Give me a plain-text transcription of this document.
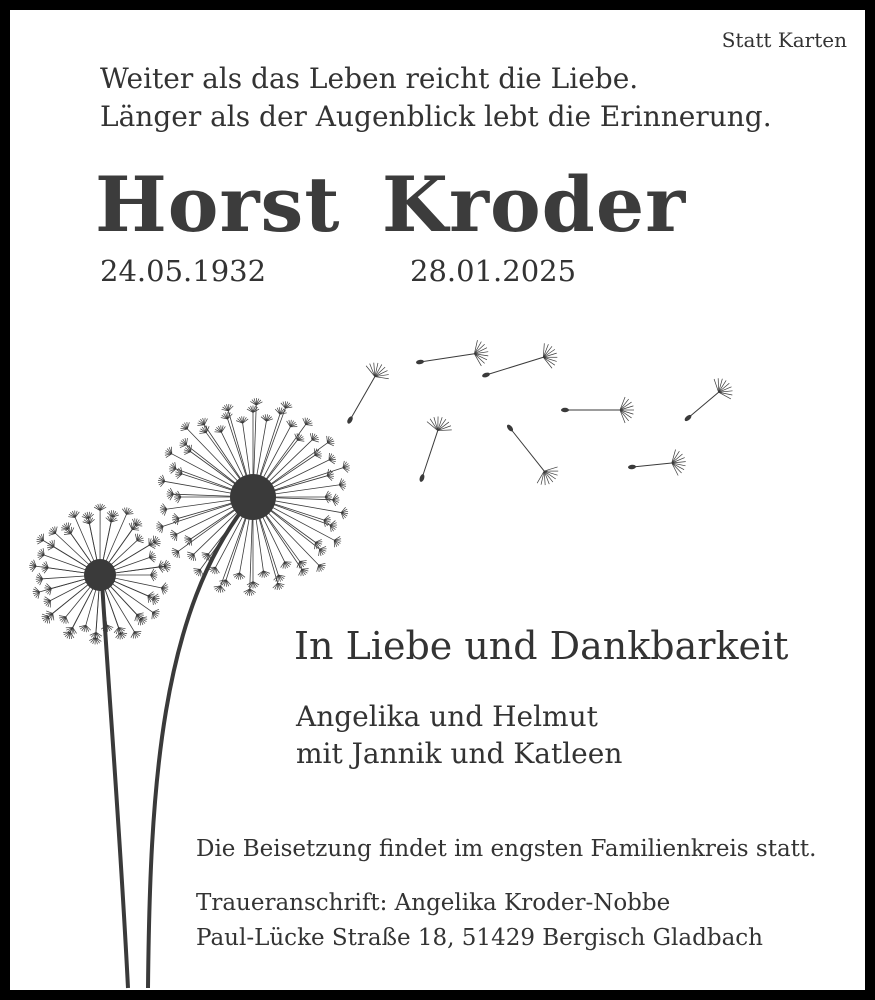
Statt Karten
Weiter als das Leben reicht die Liebe.
Länger als der Augenblick lebt die Erinnerung.
Horst Kroder
24.05.1932	28.01.2025
In Liebe und Dankbarkeit
Angelika und Helmut
mit Jannik und Katleen
Die Beisetzung findet im engsten Familienkreis statt.
Traueranschrift: Angelika Kroder-Nobbe
Paul-Lücke Straße 18, 51429 Bergisch Gladbach
